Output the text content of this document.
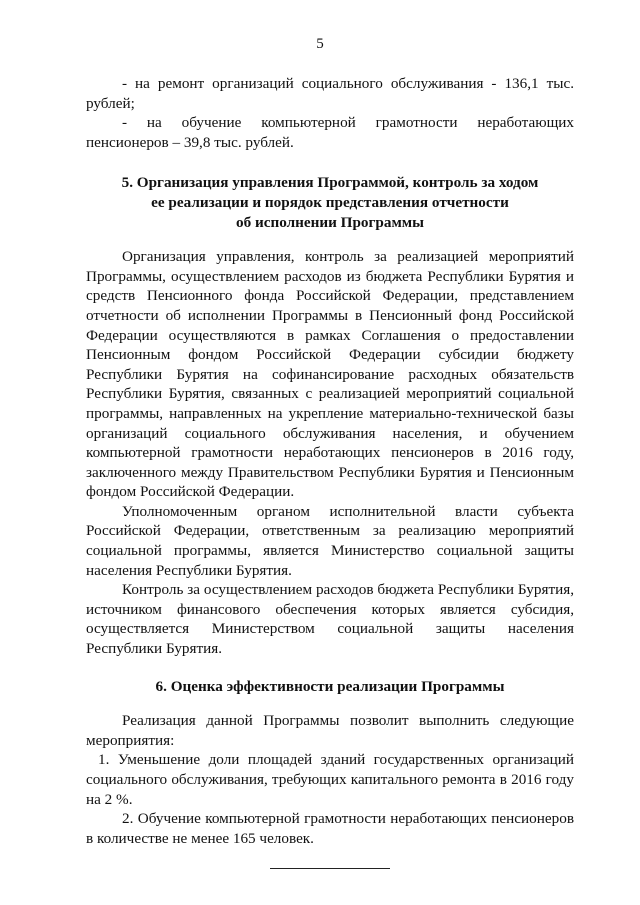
5

- на ремонт организаций социального обслуживания - 136,1 тыс. рублей;

- на обучение компьютерной грамотности неработающих пенсионеров – 39,8 тыс. рублей.

5. Организация управления Программой, контроль за ходом
ее реализации и порядок представления отчетности
об исполнении Программы

Организация управления, контроль за реализацией мероприятий Программы, осуществлением расходов из бюджета Республики Бурятия и средств Пенсионного фонда Российской Федерации, представлением отчетности об исполнении Программы в Пенсионный фонд Российской Федерации осуществляются в рамках Соглашения о предоставлении Пенсионным фондом Российской Федерации субсидии бюджету Республики Бурятия на софинансирование расходных обязательств Республики Бурятия, связанных с реализацией мероприятий социальной программы, направленных на укрепление материально-технической базы организаций социального обслуживания населения, и обучением компьютерной грамотности неработающих пенсионеров в 2016 году, заключенного между Правительством Республики Бурятия и Пенсионным фондом Российской Федерации.

Уполномоченным органом исполнительной власти субъекта Российской Федерации, ответственным за реализацию мероприятий социальной программы, является Министерство социальной защиты населения Республики Бурятия.

Контроль за осуществлением расходов бюджета Республики Бурятия, источником финансового обеспечения которых является субсидия, осуществляется Министерством социальной защиты населения Республики Бурятия.

6. Оценка эффективности реализации Программы

Реализация данной Программы позволит выполнить следующие мероприятия:

1. Уменьшение доли площадей зданий государственных организаций социального обслуживания, требующих капитального ремонта в 2016 году на 2 %.

2. Обучение компьютерной грамотности неработающих пенсионеров в количестве не менее 165 человек.
